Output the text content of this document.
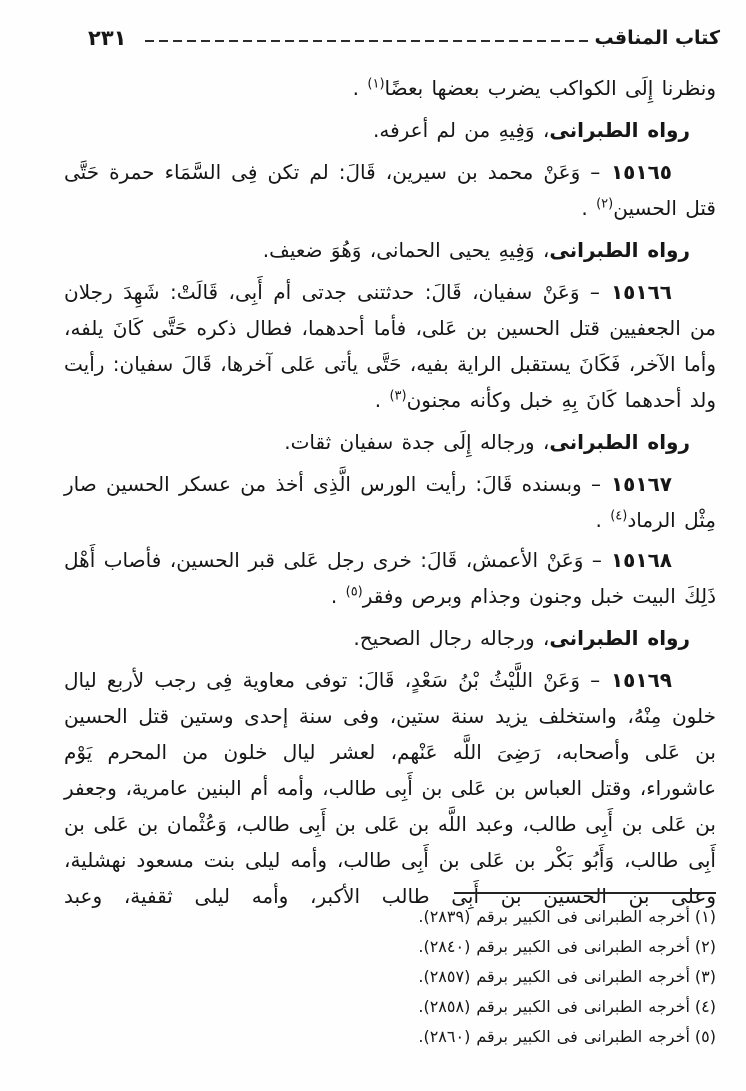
كتاب المناقب
٢٣١

ونظرنا إِلَى الكواكب يضرب بعضها بعضًا$^{(١)}$ .

رواه الطبرانى، وَفِيهِ من لم أعرفه.

١٥١٦٥ – وَعَنْ محمد بن سيرين، قَالَ: لم تكن فِى السَّمَاء حمرة حَتَّى قتل الحسين$^{(٢)}$ .

رواه الطبرانى، وَفِيهِ يحيى الحمانى، وَهُوَ ضعيف.

١٥١٦٦ – وَعَنْ سفيان، قَالَ: حدثتنى جدتى أم أَبِى، قَالَتْ: شَهِدَ رجلان من الجعفيين قتل الحسين بن عَلى، فأما أحدهما، فطال ذكره حَتَّى كَانَ يلفه، وأما الآخر، فَكَانَ يستقبل الراية بفيه، حَتَّى يأتى عَلى آخرها، قَالَ سفيان: رأيت ولد أحدهما كَانَ بِهِ خبل وكأنه مجنون$^{(٣)}$ .

رواه الطبرانى، ورجاله إِلَى جدة سفيان ثقات.

١٥١٦٧ – وبسنده قَالَ: رأيت الورس الَّذِى أخذ من عسكر الحسين صار مِثْل الرماد$^{(٤)}$ .

١٥١٦٨ – وَعَنْ الأعمش، قَالَ: خرى رجل عَلى قبر الحسين، فأصاب أَهْل ذَلِكَ البيت خبل وجنون وجذام وبرص وفقر$^{(٥)}$ .

رواه الطبرانى، ورجاله رجال الصحيح.

١٥١٦٩ – وَعَنْ اللَّيْثُ بْنُ سَعْدٍ، قَالَ: توفى معاوية فِى رجب لأربع ليال خلون مِنْهُ، واستخلف يزيد سنة ستين، وفى سنة إحدى وستين قتل الحسين بن عَلى وأصحابه، رَضِىَ اللَّه عَنْهم، لعشر ليال خلون من المحرم يَوْم عاشوراء، وقتل العباس بن عَلى بن أَبِى طالب، وأمه أم البنين عامرية، وجعفر بن عَلى بن أَبِى طالب، وعبد اللَّه بن عَلى بن أَبِى طالب، وَعُثْمان بن عَلى بن أَبِى طالب، وَأَبُو بَكْر بن عَلى بن أَبِى طالب، وأمه ليلى بنت مسعود نهشلية، وعلى بن الحسين بن أَبِى طالب الأكبر، وأمه ليلى ثقفية، وعبد

(١)أخرجه الطبرانى فى الكبير برقم (٢٨٣٩).
(٢)أخرجه الطبرانى فى الكبير برقم (٢٨٤٠).
(٣)أخرجه الطبرانى فى الكبير برقم (٢٨٥٧).
(٤)أخرجه الطبرانى فى الكبير برقم (٢٨٥٨).
(٥)أخرجه الطبرانى فى الكبير برقم (٢٨٦٠).
